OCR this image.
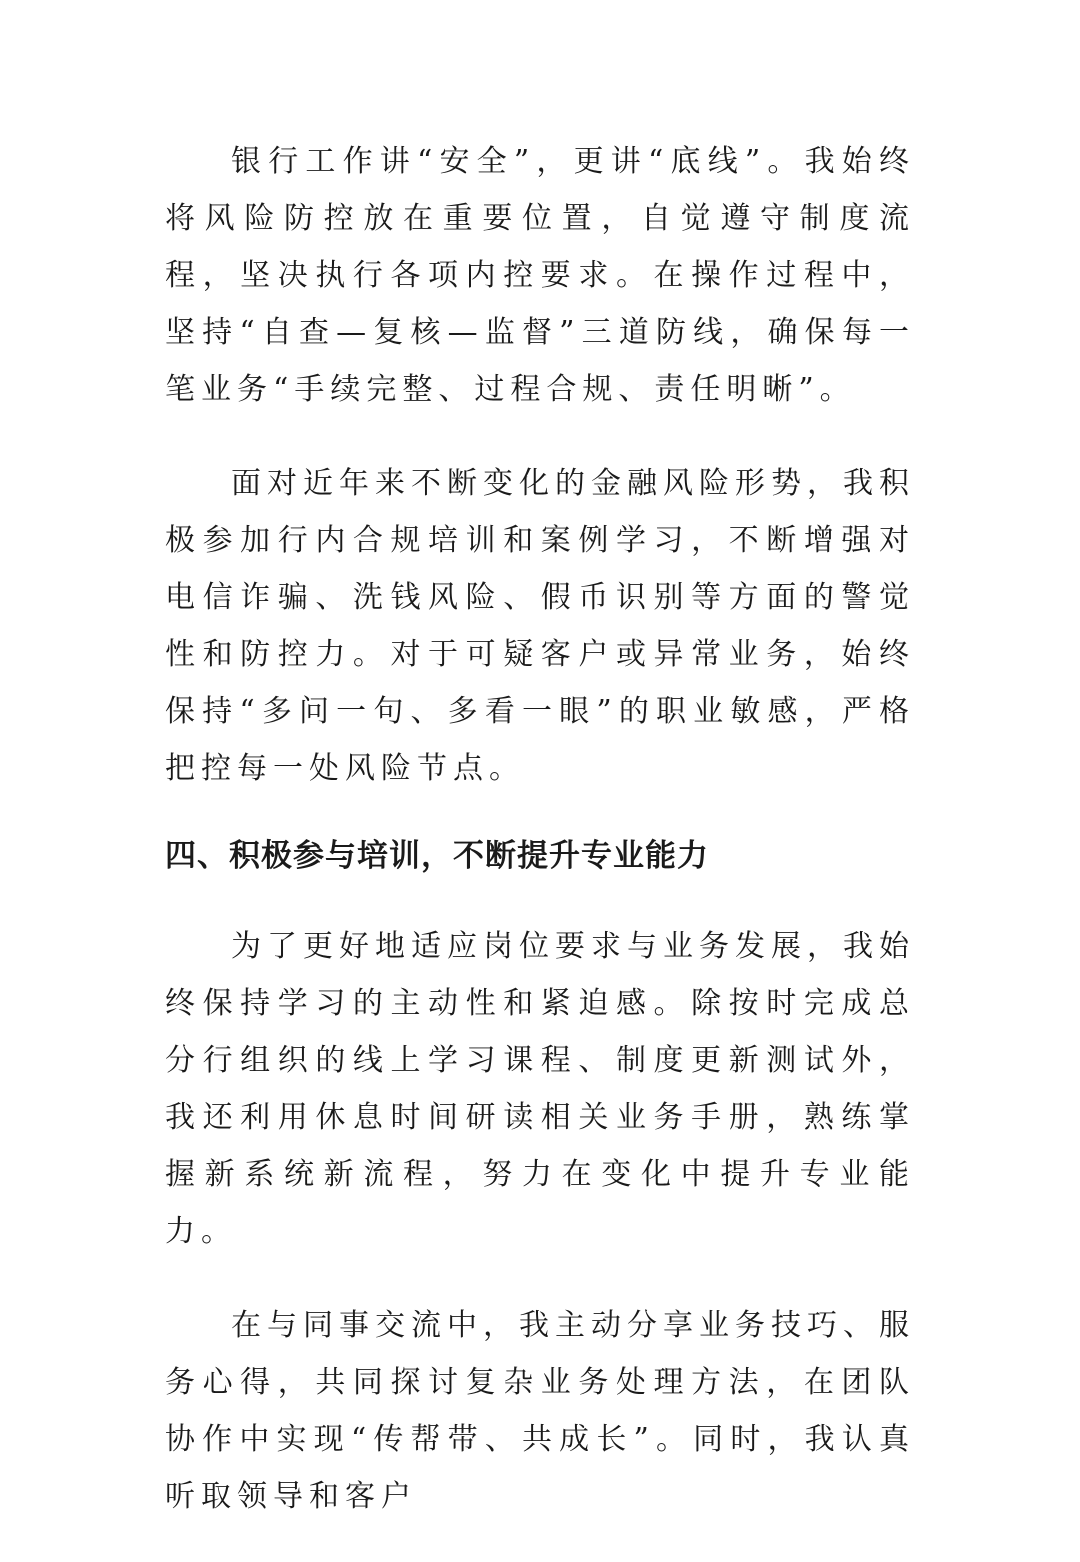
银行工作讲“安全”，更讲“底线”。我始终将风险防控放在重要位置，自觉遵守制度流程，坚决执行各项内控要求。在操作过程中，坚持“自查—复核—监督”三道防线，确保每一笔业务“手续完整、过程合规、责任明晰”。

面对近年来不断变化的金融风险形势，我积极参加行内合规培训和案例学习，不断增强对电信诈骗、洗钱风险、假币识别等方面的警觉性和防控力。对于可疑客户或异常业务，始终保持“多问一句、多看一眼”的职业敏感，严格把控每一处风险节点。

四、积极参与培训，不断提升专业能力

为了更好地适应岗位要求与业务发展，我始终保持学习的主动性和紧迫感。除按时完成总分行组织的线上学习课程、制度更新测试外，我还利用休息时间研读相关业务手册，熟练掌握新系统新流程，努力在变化中提升专业能力。

在与同事交流中，我主动分享业务技巧、服务心得，共同探讨复杂业务处理方法，在团队协作中实现“传帮带、共成长”。同时，我认真听取领导和客户
